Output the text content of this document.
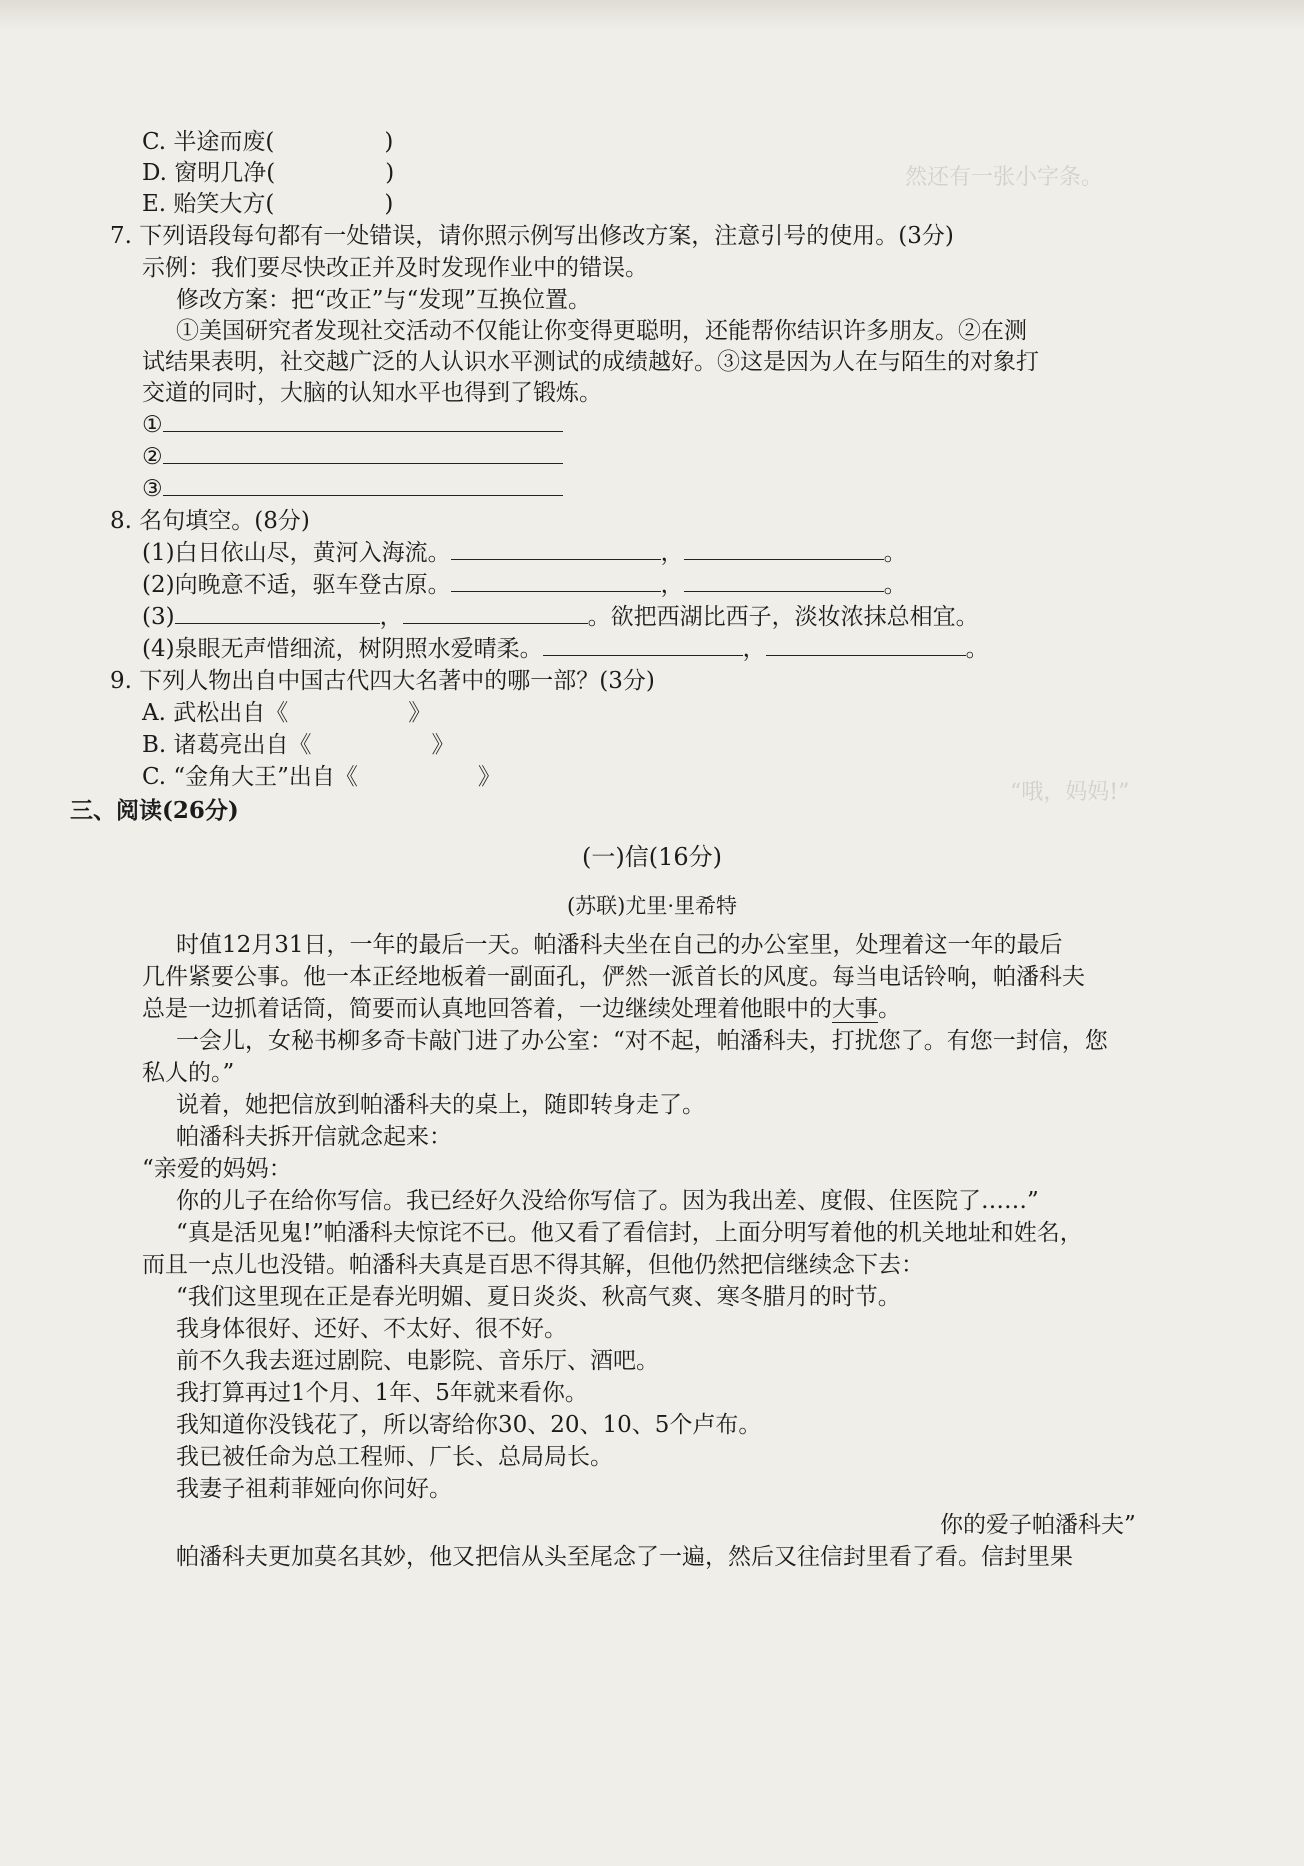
然还有一张小字条。
“哦，妈妈!”
C. 半途而废(	)
D. 窗明几净(	)
E. 贻笑大方(	)
7. 下列语段每句都有一处错误，请你照示例写出修改方案，注意引号的使用。(3分)
示例：我们要尽快改正并及时发现作业中的错误。
修改方案：把“改正”与“发现”互换位置。
①美国研究者发现社交活动不仅能让你变得更聪明，还能帮你结识许多朋友。②在测
试结果表明，社交越广泛的人认识水平测试的成绩越好。③这是因为人在与陌生的对象打
交道的同时，大脑的认知水平也得到了锻炼。
①
②
③
8. 名句填空。(8分)
(1)白日依山尽，黄河入海流。	，	。
(2)向晚意不适，驱车登古原。	，	。
(3)	，	。欲把西湖比西子，淡妆浓抹总相宜。
(4)泉眼无声惜细流，树阴照水爱晴柔。	，	。
9. 下列人物出自中国古代四大名著中的哪一部？(3分)
A. 武松出自《	》
B. 诸葛亮出自《	》
C. “金角大王”出自《	》
三、阅读(26分)
(一)信(16分)
(苏联)尤里·里希特
时值12月31日，一年的最后一天。帕潘科夫坐在自己的办公室里，处理着这一年的最后
几件紧要公事。他一本正经地板着一副面孔，俨然一派首长的风度。每当电话铃响，帕潘科夫
总是一边抓着话筒，简要而认真地回答着，一边继续处理着他眼中的大事。
一会儿，女秘书柳多奇卡敲门进了办公室：“对不起，帕潘科夫，打扰您了。有您一封信，您
私人的。”
说着，她把信放到帕潘科夫的桌上，随即转身走了。
帕潘科夫拆开信就念起来：
“亲爱的妈妈：
你的儿子在给你写信。我已经好久没给你写信了。因为我出差、度假、住医院了……”
“真是活见鬼!”帕潘科夫惊诧不已。他又看了看信封，上面分明写着他的机关地址和姓名，
而且一点儿也没错。帕潘科夫真是百思不得其解，但他仍然把信继续念下去：
“我们这里现在正是春光明媚、夏日炎炎、秋高气爽、寒冬腊月的时节。
我身体很好、还好、不太好、很不好。
前不久我去逛过剧院、电影院、音乐厅、酒吧。
我打算再过1个月、1年、5年就来看你。
我知道你没钱花了，所以寄给你30、20、10、5个卢布。
我已被任命为总工程师、厂长、总局局长。
我妻子祖莉菲娅向你问好。
你的爱子帕潘科夫”
帕潘科夫更加莫名其妙，他又把信从头至尾念了一遍，然后又往信封里看了看。信封里果
